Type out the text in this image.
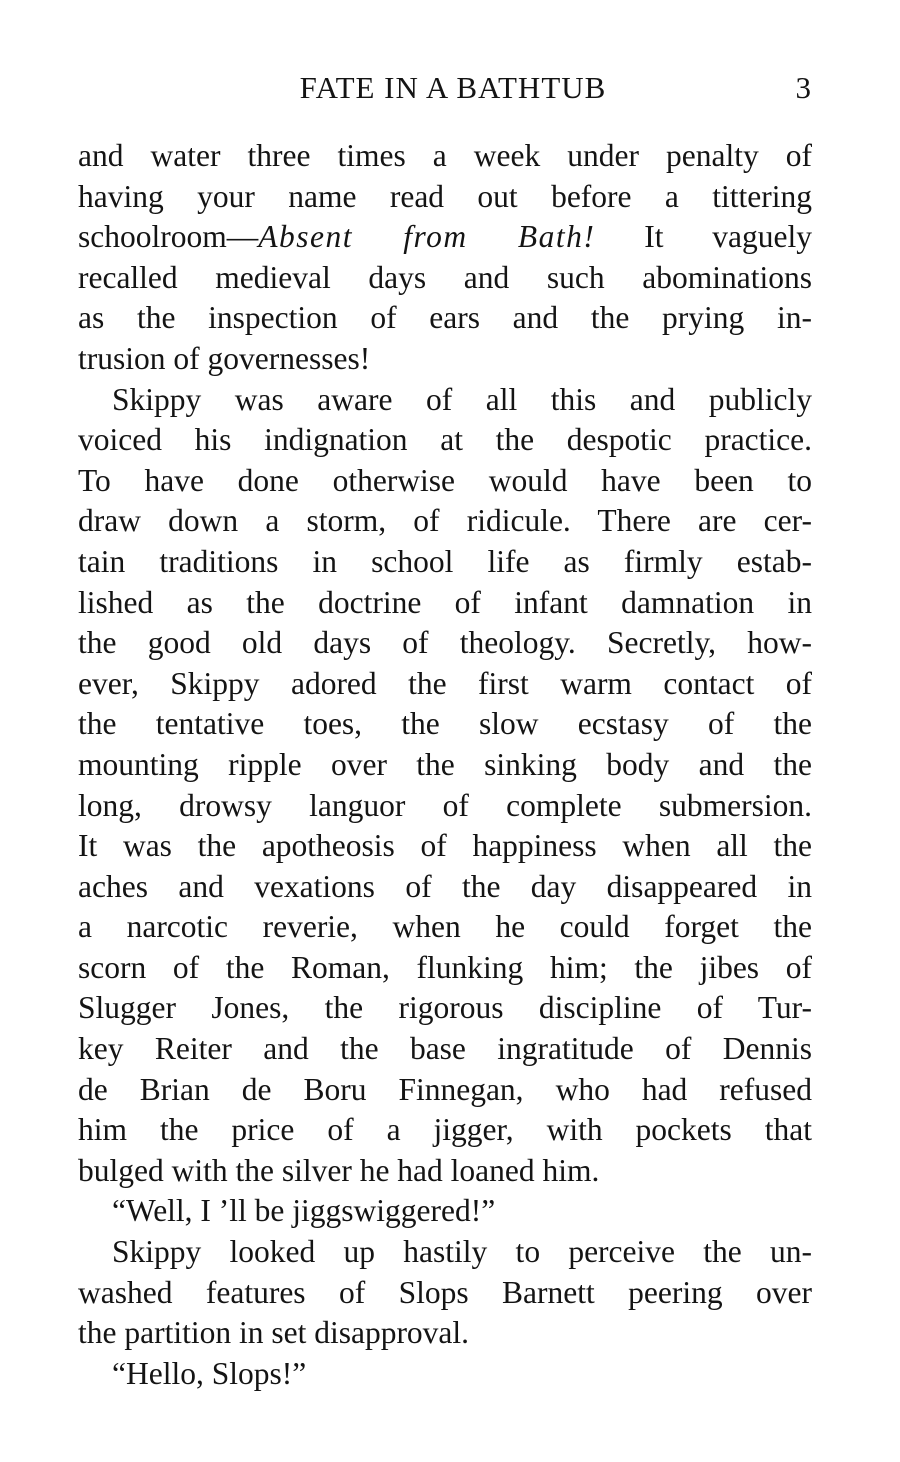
FATE IN A BATHTUB	3

and water three times a week under penalty of
having your name read out before a tittering
schoolroom—Absent from Bath! It vaguely
recalled medieval days and such abominations
as the inspection of ears and the prying in-
trusion of governesses!

Skippy was aware of all this and publicly
voiced his indignation at the despotic practice.
To have done otherwise would have been to
draw down a storm, of ridicule. There are cer-
tain traditions in school life as firmly estab-
lished as the doctrine of infant damnation in
the good old days of theology. Secretly, how-
ever, Skippy adored the first warm contact of
the tentative toes, the slow ecstasy of the
mounting ripple over the sinking body and the
long, drowsy languor of complete submersion.
It was the apotheosis of happiness when all the
aches and vexations of the day disappeared in
a narcotic reverie, when he could forget the
scorn of the Roman, flunking him; the jibes of
Slugger Jones, the rigorous discipline of Tur-
key Reiter and the base ingratitude of Dennis
de Brian de Boru Finnegan, who had refused
him the price of a jigger, with pockets that
bulged with the silver he had loaned him.

“Well, I ’ll be jiggswiggered!”

Skippy looked up hastily to perceive the un-
washed features of Slops Barnett peering over
the partition in set disapproval.

“Hello, Slops!”
